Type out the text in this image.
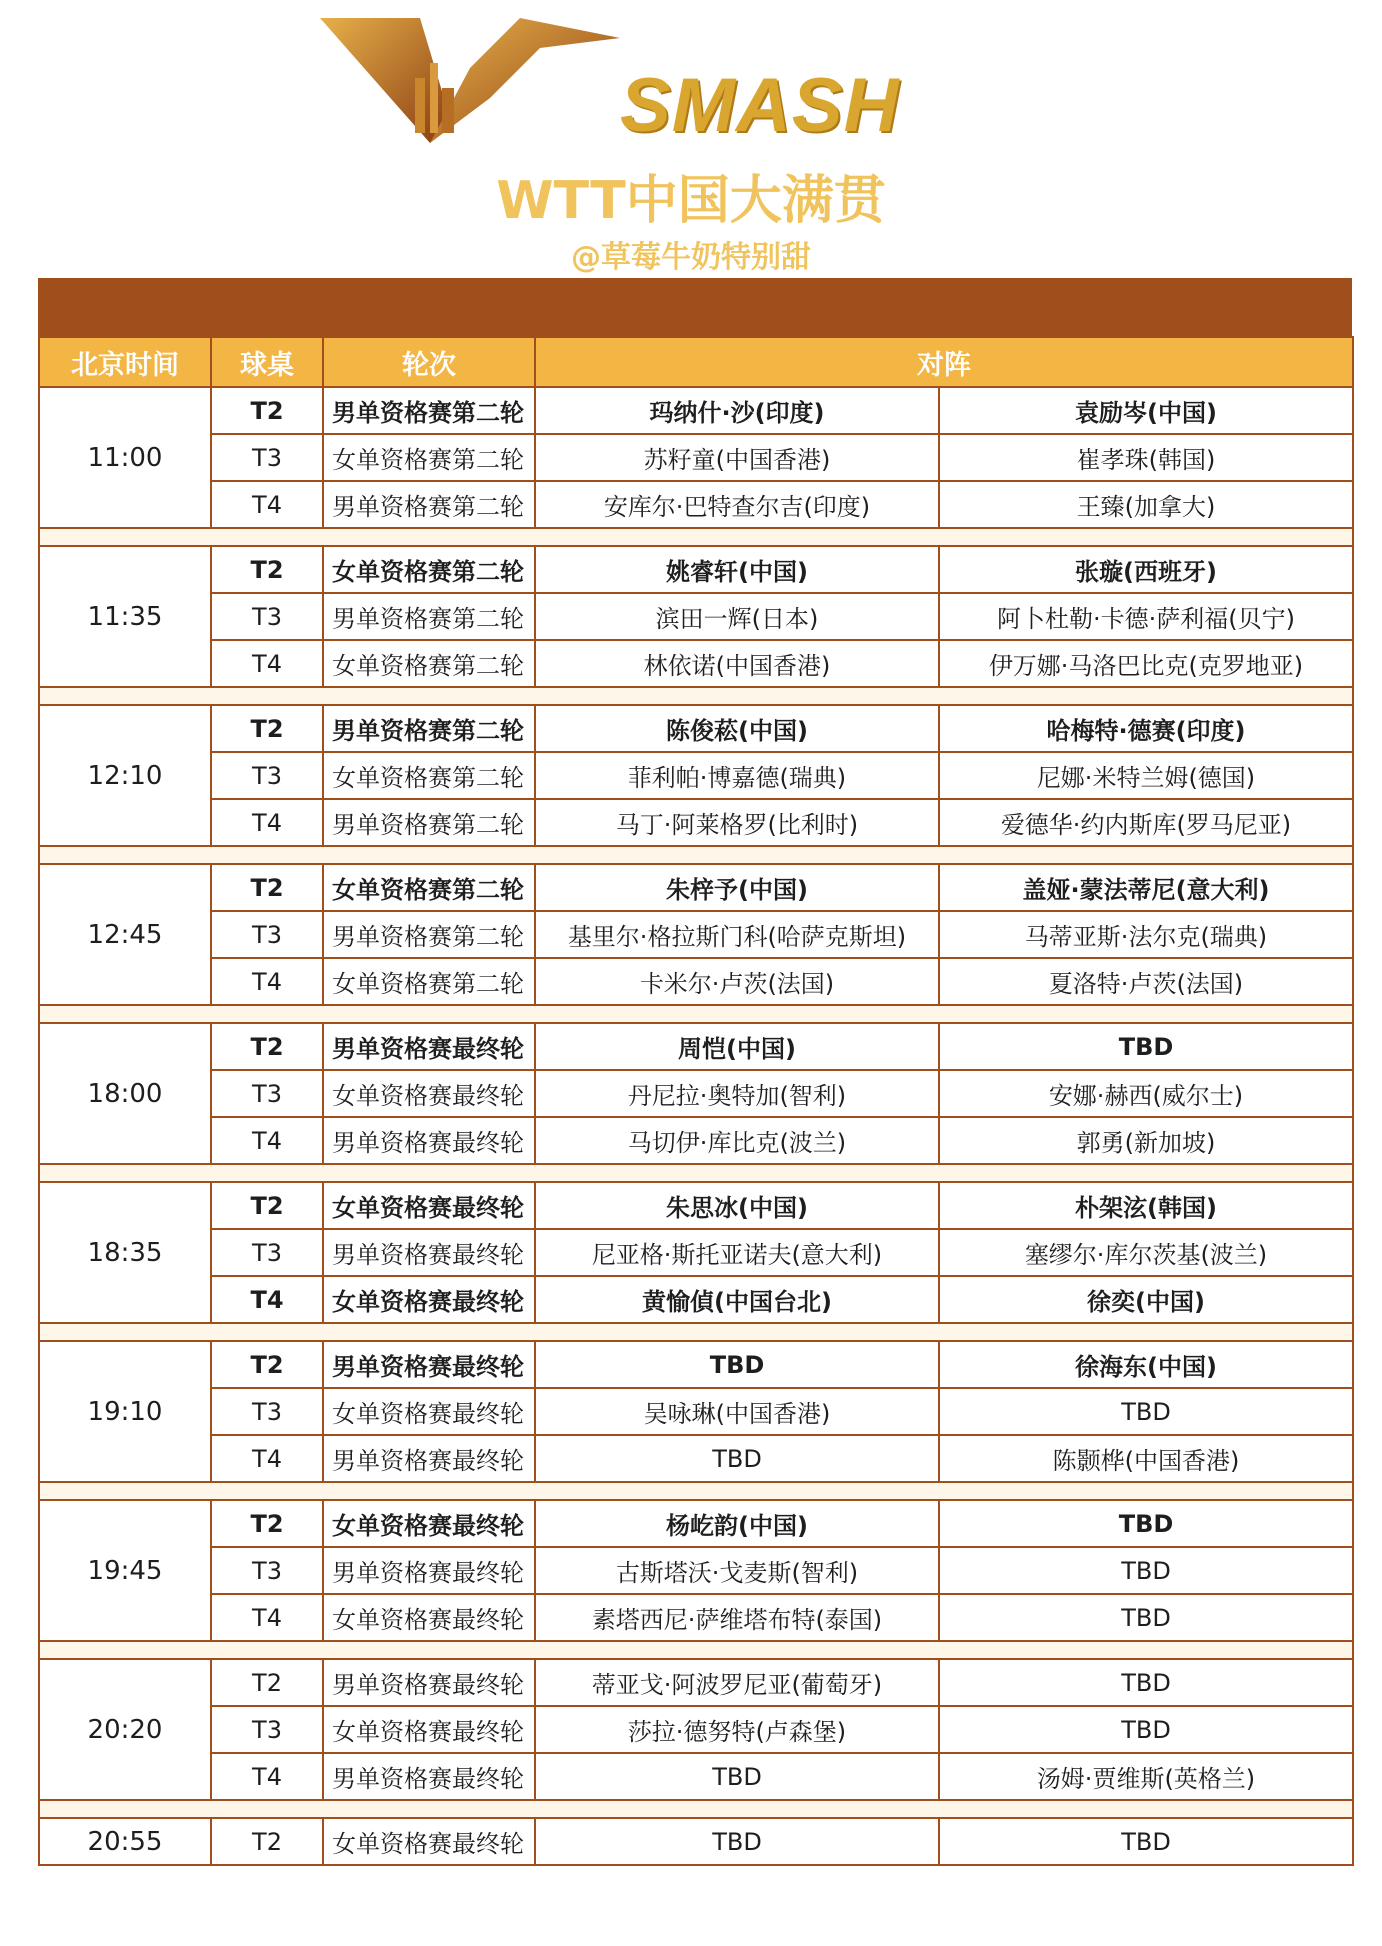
SMASH
WTT中国大满贯
@草莓牛奶特别甜
北京时间	球桌	轮次	对阵	
11:00	T2	男单资格赛第二轮	玛纳什·沙(印度)	袁励岑(中国)
	T3	女单资格赛第二轮	苏籽童(中国香港)	崔孝珠(韩国)
	T4	男单资格赛第二轮	安库尔·巴特查尔吉(印度)	王臻(加拿大)

11:35	T2	女单资格赛第二轮	姚睿轩(中国)	张璇(西班牙)
	T3	男单资格赛第二轮	滨田一辉(日本)	阿卜杜勒·卡德·萨利福(贝宁)
	T4	女单资格赛第二轮	林依诺(中国香港)	伊万娜·马洛巴比克(克罗地亚)

12:10	T2	男单资格赛第二轮	陈俊菘(中国)	哈梅特·德赛(印度)
	T3	女单资格赛第二轮	菲利帕·博嘉德(瑞典)	尼娜·米特兰姆(德国)
	T4	男单资格赛第二轮	马丁·阿莱格罗(比利时)	爱德华·约内斯库(罗马尼亚)

12:45	T2	女单资格赛第二轮	朱梓予(中国)	盖娅·蒙法蒂尼(意大利)
	T3	男单资格赛第二轮	基里尔·格拉斯门科(哈萨克斯坦)	马蒂亚斯·法尔克(瑞典)
	T4	女单资格赛第二轮	卡米尔·卢茨(法国)	夏洛特·卢茨(法国)

18:00	T2	男单资格赛最终轮	周恺(中国)	TBD
	T3	女单资格赛最终轮	丹尼拉·奥特加(智利)	安娜·赫西(威尔士)
	T4	男单资格赛最终轮	马切伊·库比克(波兰)	郭勇(新加坡)

18:35	T2	女单资格赛最终轮	朱思冰(中国)	朴架泫(韩国)
	T3	男单资格赛最终轮	尼亚格·斯托亚诺夫(意大利)	塞缪尔·库尔茨基(波兰)
	T4	女单资格赛最终轮	黄愉偵(中国台北)	徐奕(中国)

19:10	T2	男单资格赛最终轮	TBD	徐海东(中国)
	T3	女单资格赛最终轮	吴咏琳(中国香港)	TBD
	T4	男单资格赛最终轮	TBD	陈颢桦(中国香港)

19:45	T2	女单资格赛最终轮	杨屹韵(中国)	TBD
	T3	男单资格赛最终轮	古斯塔沃·戈麦斯(智利)	TBD
	T4	女单资格赛最终轮	素塔西尼·萨维塔布特(泰国)	TBD

20:20	T2	男单资格赛最终轮	蒂亚戈·阿波罗尼亚(葡萄牙)	TBD
	T3	女单资格赛最终轮	莎拉·德努特(卢森堡)	TBD
	T4	男单资格赛最终轮	TBD	汤姆·贾维斯(英格兰)

20:55	T2	女单资格赛最终轮	TBD	TBD
